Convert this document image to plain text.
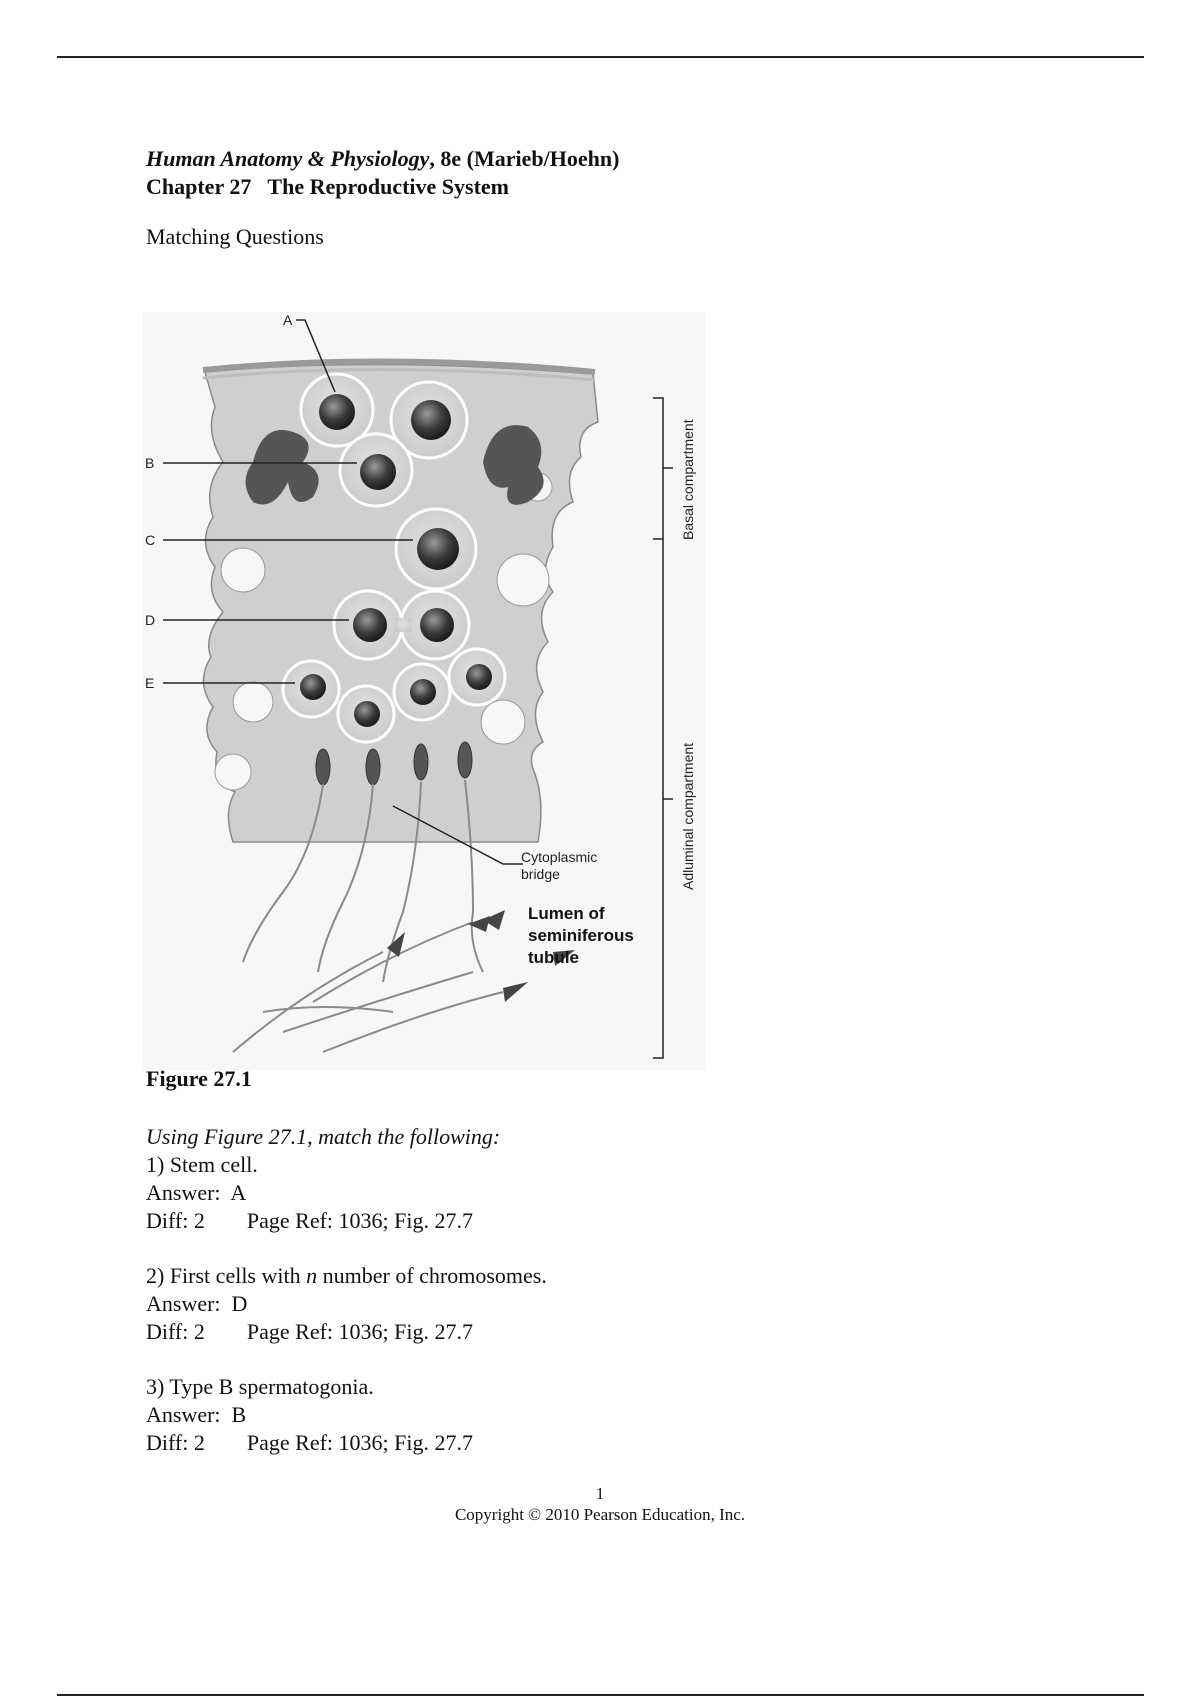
Human Anatomy & Physiology, 8e (Marieb/Hoehn)

Chapter 27   The Reproductive System

Matching Questions
A
B
C
D
E
Cytoplasmic
bridge
Lumen of
seminiferous
tubule
Basal compartment
Adluminal compartment
Figure 27.1

Using Figure 27.1, match the following:

1) Stem cell.

Answer:  A

Diff: 2 Page Ref: 1036; Fig. 27.7

2) First cells with n number of chromosomes.

Answer:  D

Diff: 2 Page Ref: 1036; Fig. 27.7

3) Type B spermatogonia.

Answer:  B

Diff: 2 Page Ref: 1036; Fig. 27.7

1
Copyright © 2010 Pearson Education, Inc.
